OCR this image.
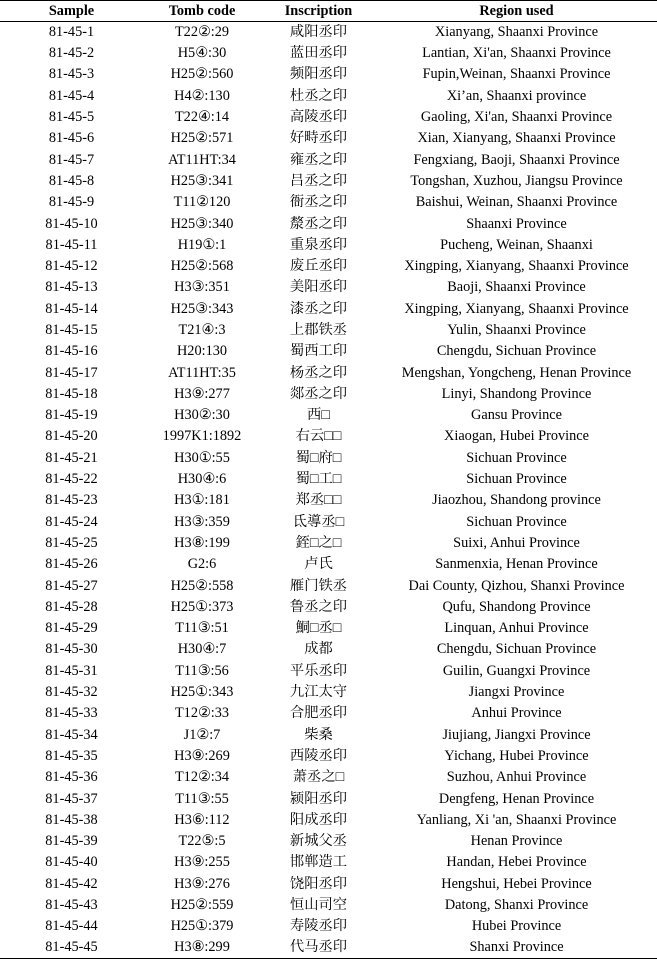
Sample	Tomb code	Inscription	Region used
81-45-1	T22②:29	咸阳丞印	Xianyang, Shaanxi Province
81-45-2	H5④:30	蓝田丞印	Lantian, Xi'an, Shaanxi Province
81-45-3	H25②:560	频阳丞印	Fupin,Weinan, Shaanxi Province
81-45-4	H4②:130	杜丞之印	Xi’an, Shaanxi province
81-45-5	T22④:14	高陵丞印	Gaoling, Xi'an, Shaanxi Province
81-45-6	H25②:571	好畤丞印	Xian, Xianyang, Shaanxi Province
81-45-7	AT11HT:34	雍丞之印	Fengxiang, Baoji, Shaanxi Province
81-45-8	H25③:341	吕丞之印	Tongshan, Xuzhou, Jiangsu Province
81-45-9	T11②120	衙丞之印	Baishui, Weinan, Shaanxi Province
81-45-10	H25③:340	漦丞之印	Shaanxi Province
81-45-11	H19①:1	重泉丞印	Pucheng, Weinan, Shaanxi
81-45-12	H25②:568	废丘丞印	Xingping, Xianyang, Shaanxi Province
81-45-13	H3③:351	美阳丞印	Baoji, Shaanxi Province
81-45-14	H25③:343	漆丞之印	Xingping, Xianyang, Shaanxi Province
81-45-15	T21④:3	上郡铁丞	Yulin, Shaanxi Province
81-45-16	H20:130	蜀西工印	Chengdu, Sichuan Province
81-45-17	AT11HT:35	杨丞之印	Mengshan, Yongcheng, Henan Province
81-45-18	H3⑨:277	郯丞之印	Linyi, Shandong Province
81-45-19	H30②:30	西□	Gansu Province
81-45-20	1997K1:1892	右云□□	Xiaogan, Hubei Province
81-45-21	H30①:55	蜀□府□	Sichuan Province
81-45-22	H30④:6	蜀□工□	Sichuan Province
81-45-23	H3①:181	郑丞□□	Jiaozhou, Shandong province
81-45-24	H3③:359	氐導丞□	Sichuan Province
81-45-25	H3⑧:199	銍□之□	Suixi, Anhui Province
81-45-26	G2:6	卢氏	Sanmenxia, Henan Province
81-45-27	H25②:558	雁门铁丞	Dai County, Qizhou, Shanxi Province
81-45-28	H25①:373	鲁丞之印	Qufu, Shandong Province
81-45-29	T11③:51	鮦□丞□	Linquan, Anhui Province
81-45-30	H30④:7	成都	Chengdu, Sichuan Province
81-45-31	T11③:56	平乐丞印	Guilin, Guangxi Province
81-45-32	H25①:343	九江太守	Jiangxi Province
81-45-33	T12②:33	合肥丞印	Anhui Province
81-45-34	J1②:7	柴桑	Jiujiang, Jiangxi Province
81-45-35	H3⑨:269	西陵丞印	Yichang, Hubei Province
81-45-36	T12②:34	萧丞之□	Suzhou, Anhui Province
81-45-37	T11③:55	颍阳丞印	Dengfeng, Henan Province
81-45-38	H3⑥:112	阳成丞印	Yanliang, Xi 'an, Shaanxi Province
81-45-39	T22⑤:5	新城父丞	Henan Province
81-45-40	H3⑨:255	邯郸造工	Handan, Hebei Province
81-45-42	H3⑨:276	饶阳丞印	Hengshui, Hebei Province
81-45-43	H25②:559	恒山司空	Datong, Shanxi Province
81-45-44	H25①:379	寿陵丞印	Hubei Province
81-45-45	H3⑧:299	代马丞印	Shanxi Province
